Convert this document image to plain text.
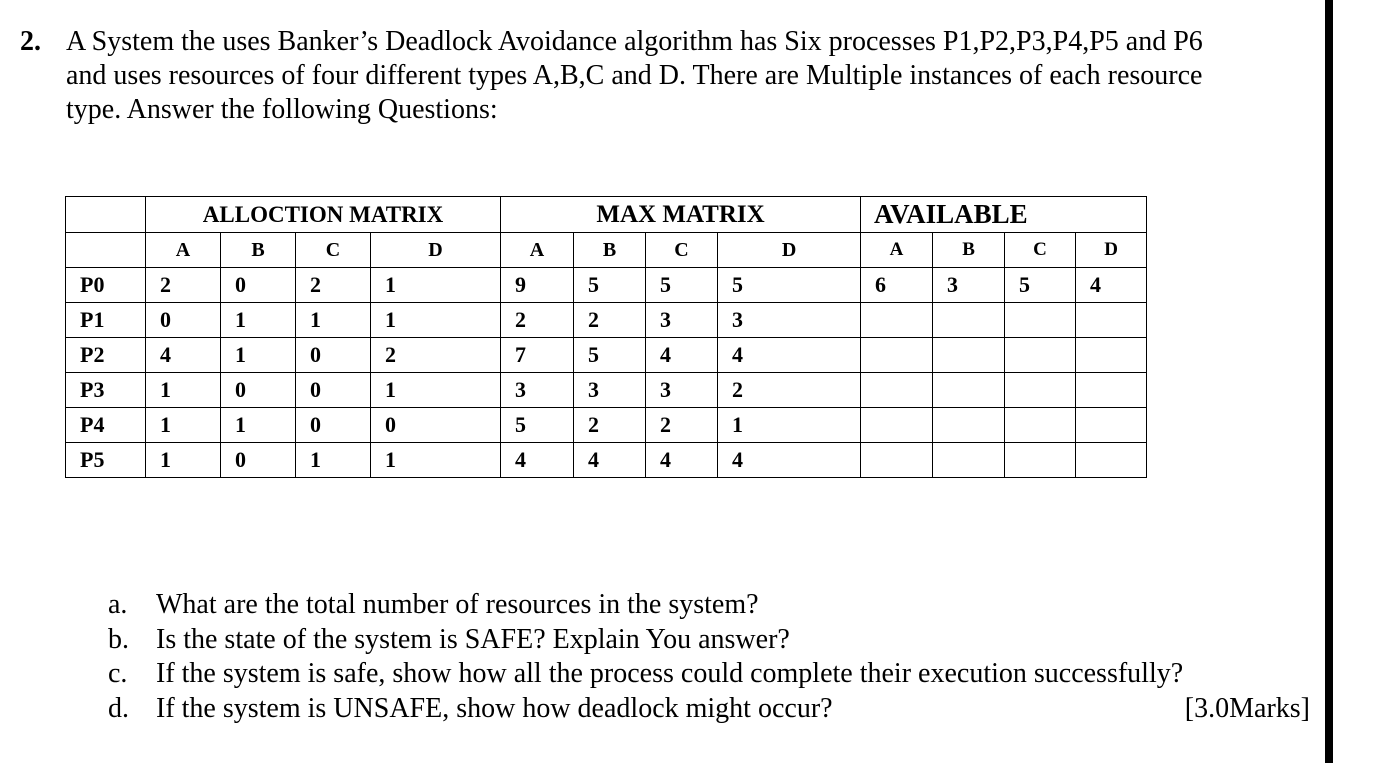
2. A System the uses Banker’s Deadlock Avoidance algorithm has Six processes P1,P2,P3,P4,P5 and P6
and uses resources of four different types A,B,C and D. There are Multiple instances of each resource
type. Answer the following Questions:
	ALLOCTION MATRIX				MAX MATRIX				AVAILABLE			
	A	B	C	D	A	B	C	D	A	B	C	D
P0	2	0	2	1	9	5	5	5	6	3	5	4
P1	0	1	1	1	2	2	3	3				
P2	4	1	0	2	7	5	4	4				
P3	1	0	0	1	3	3	3	2				
P4	1	1	0	0	5	2	2	1				
P5	1	0	1	1	4	4	4	4				
a. What are the total number of resources in the system?
b. Is the state of the system is SAFE? Explain You answer?
c. If the system is safe, show how all the process could complete their execution successfully?
d. If the system is UNSAFE, show how deadlock might occur?	[3.0Marks]
